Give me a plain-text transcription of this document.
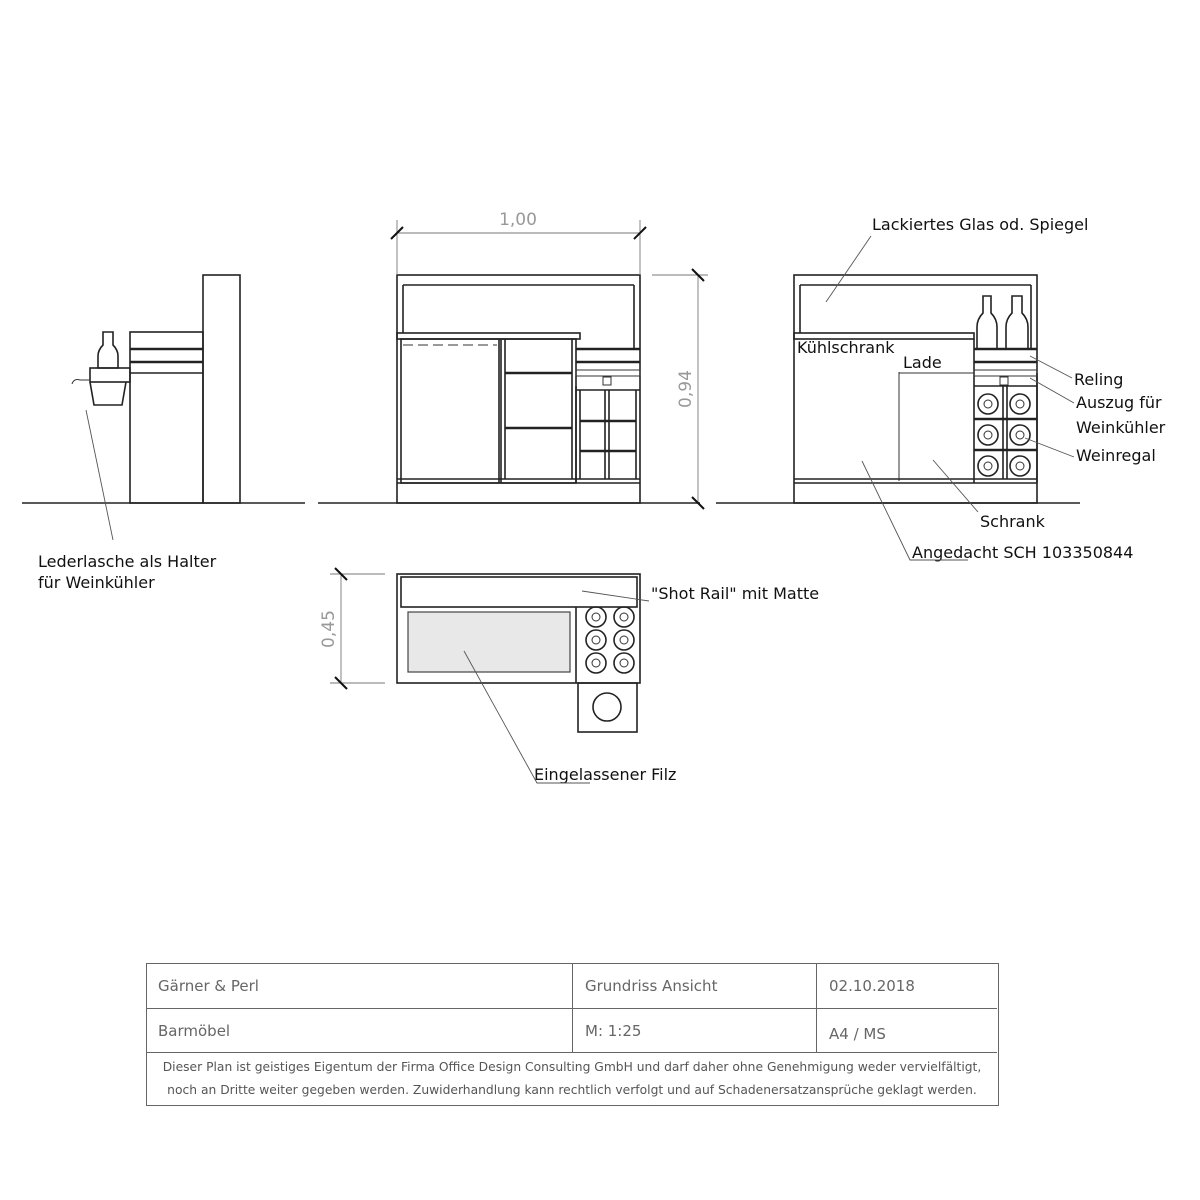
Lederlasche als Halter
für Weinkühler
1,00
0,94
Lackiertes Glas od. Spiegel
Kühlschrank
Lade
Reling
Auszug für
Weinkühler
Weinregal
Schrank
Angedacht SCH 103350844
0,45
"Shot Rail" mit Matte
Eingelassener Filz
Gärner & Perl	Grundriss Ansicht	02.10.2018
Barmöbel	M: 1:25	A4 / MS
Dieser Plan ist geistiges Eigentum der Firma Office Design Consulting GmbH und darf daher ohne Genehmigung weder vervielfältigt,
noch an Dritte weiter gegeben werden. Zuwiderhandlung kann rechtlich verfolgt und auf Schadenersatzansprüche geklagt werden.
